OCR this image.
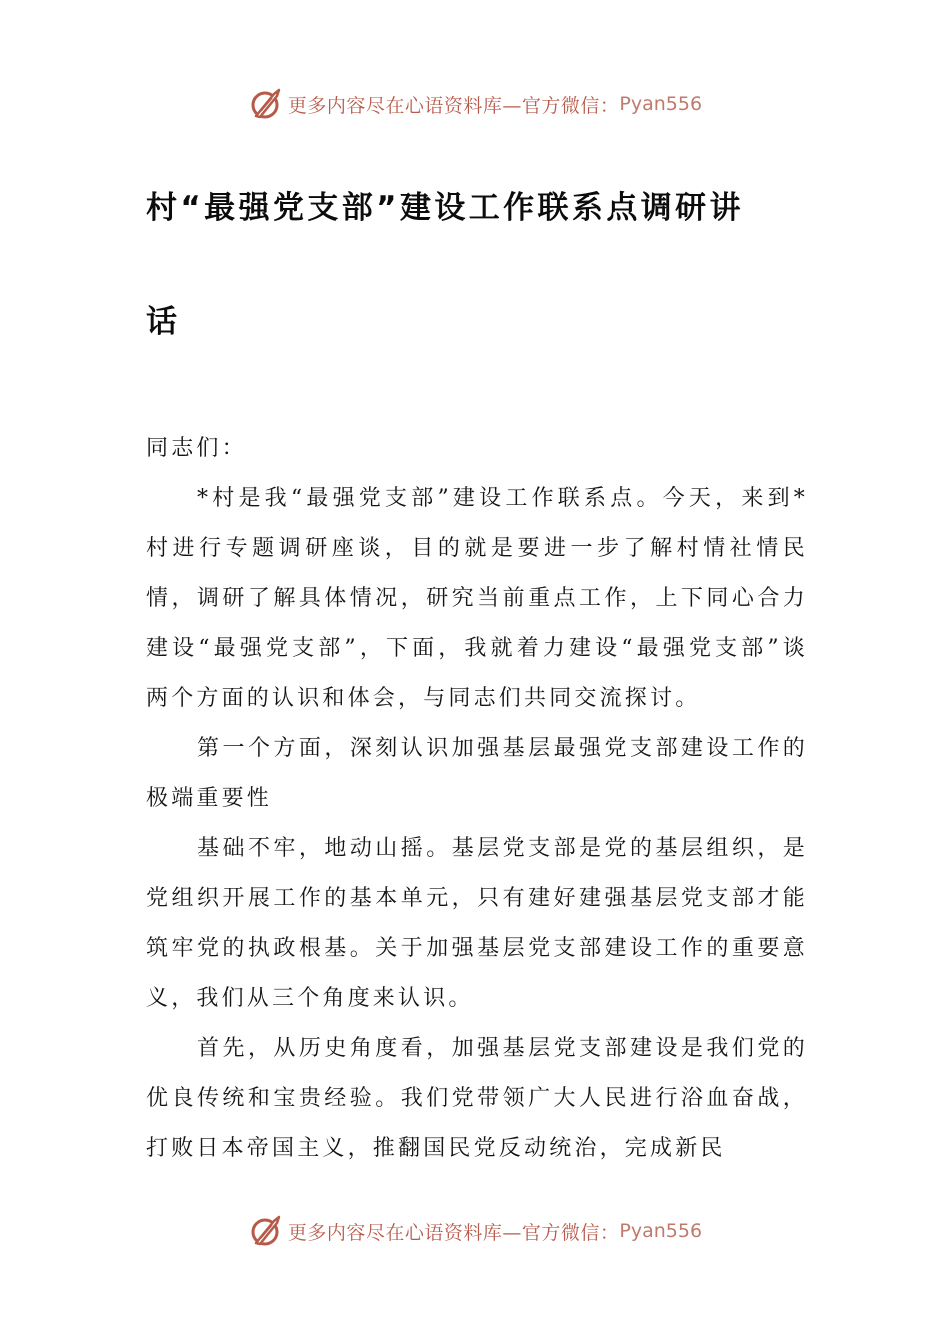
更多内容尽在心语资料库—官方微信： Pyan556
村“最强党支部”建设工作联系点调研讲
话

同志们：

*村是我“最强党支部”建设工作联系点。今天，来到*村进行专题调研座谈，目的就是要进一步了解村情社情民情，调研了解具体情况，研究当前重点工作，上下同心合力建设“最强党支部”，下面，我就着力建设“最强党支部”谈两个方面的认识和体会，与同志们共同交流探讨。

第一个方面，深刻认识加强基层最强党支部建设工作的极端重要性

基础不牢，地动山摇。基层党支部是党的基层组织，是党组织开展工作的基本单元，只有建好建强基层党支部才能筑牢党的执政根基。关于加强基层党支部建设工作的重要意义，我们从三个角度来认识。

首先，从历史角度看，加强基层党支部建设是我们党的优良传统和宝贵经验。我们党带领广大人民进行浴血奋战，打败日本帝国主义，推翻国民党反动统治，完成新民

更多内容尽在心语资料库—官方微信： Pyan556
